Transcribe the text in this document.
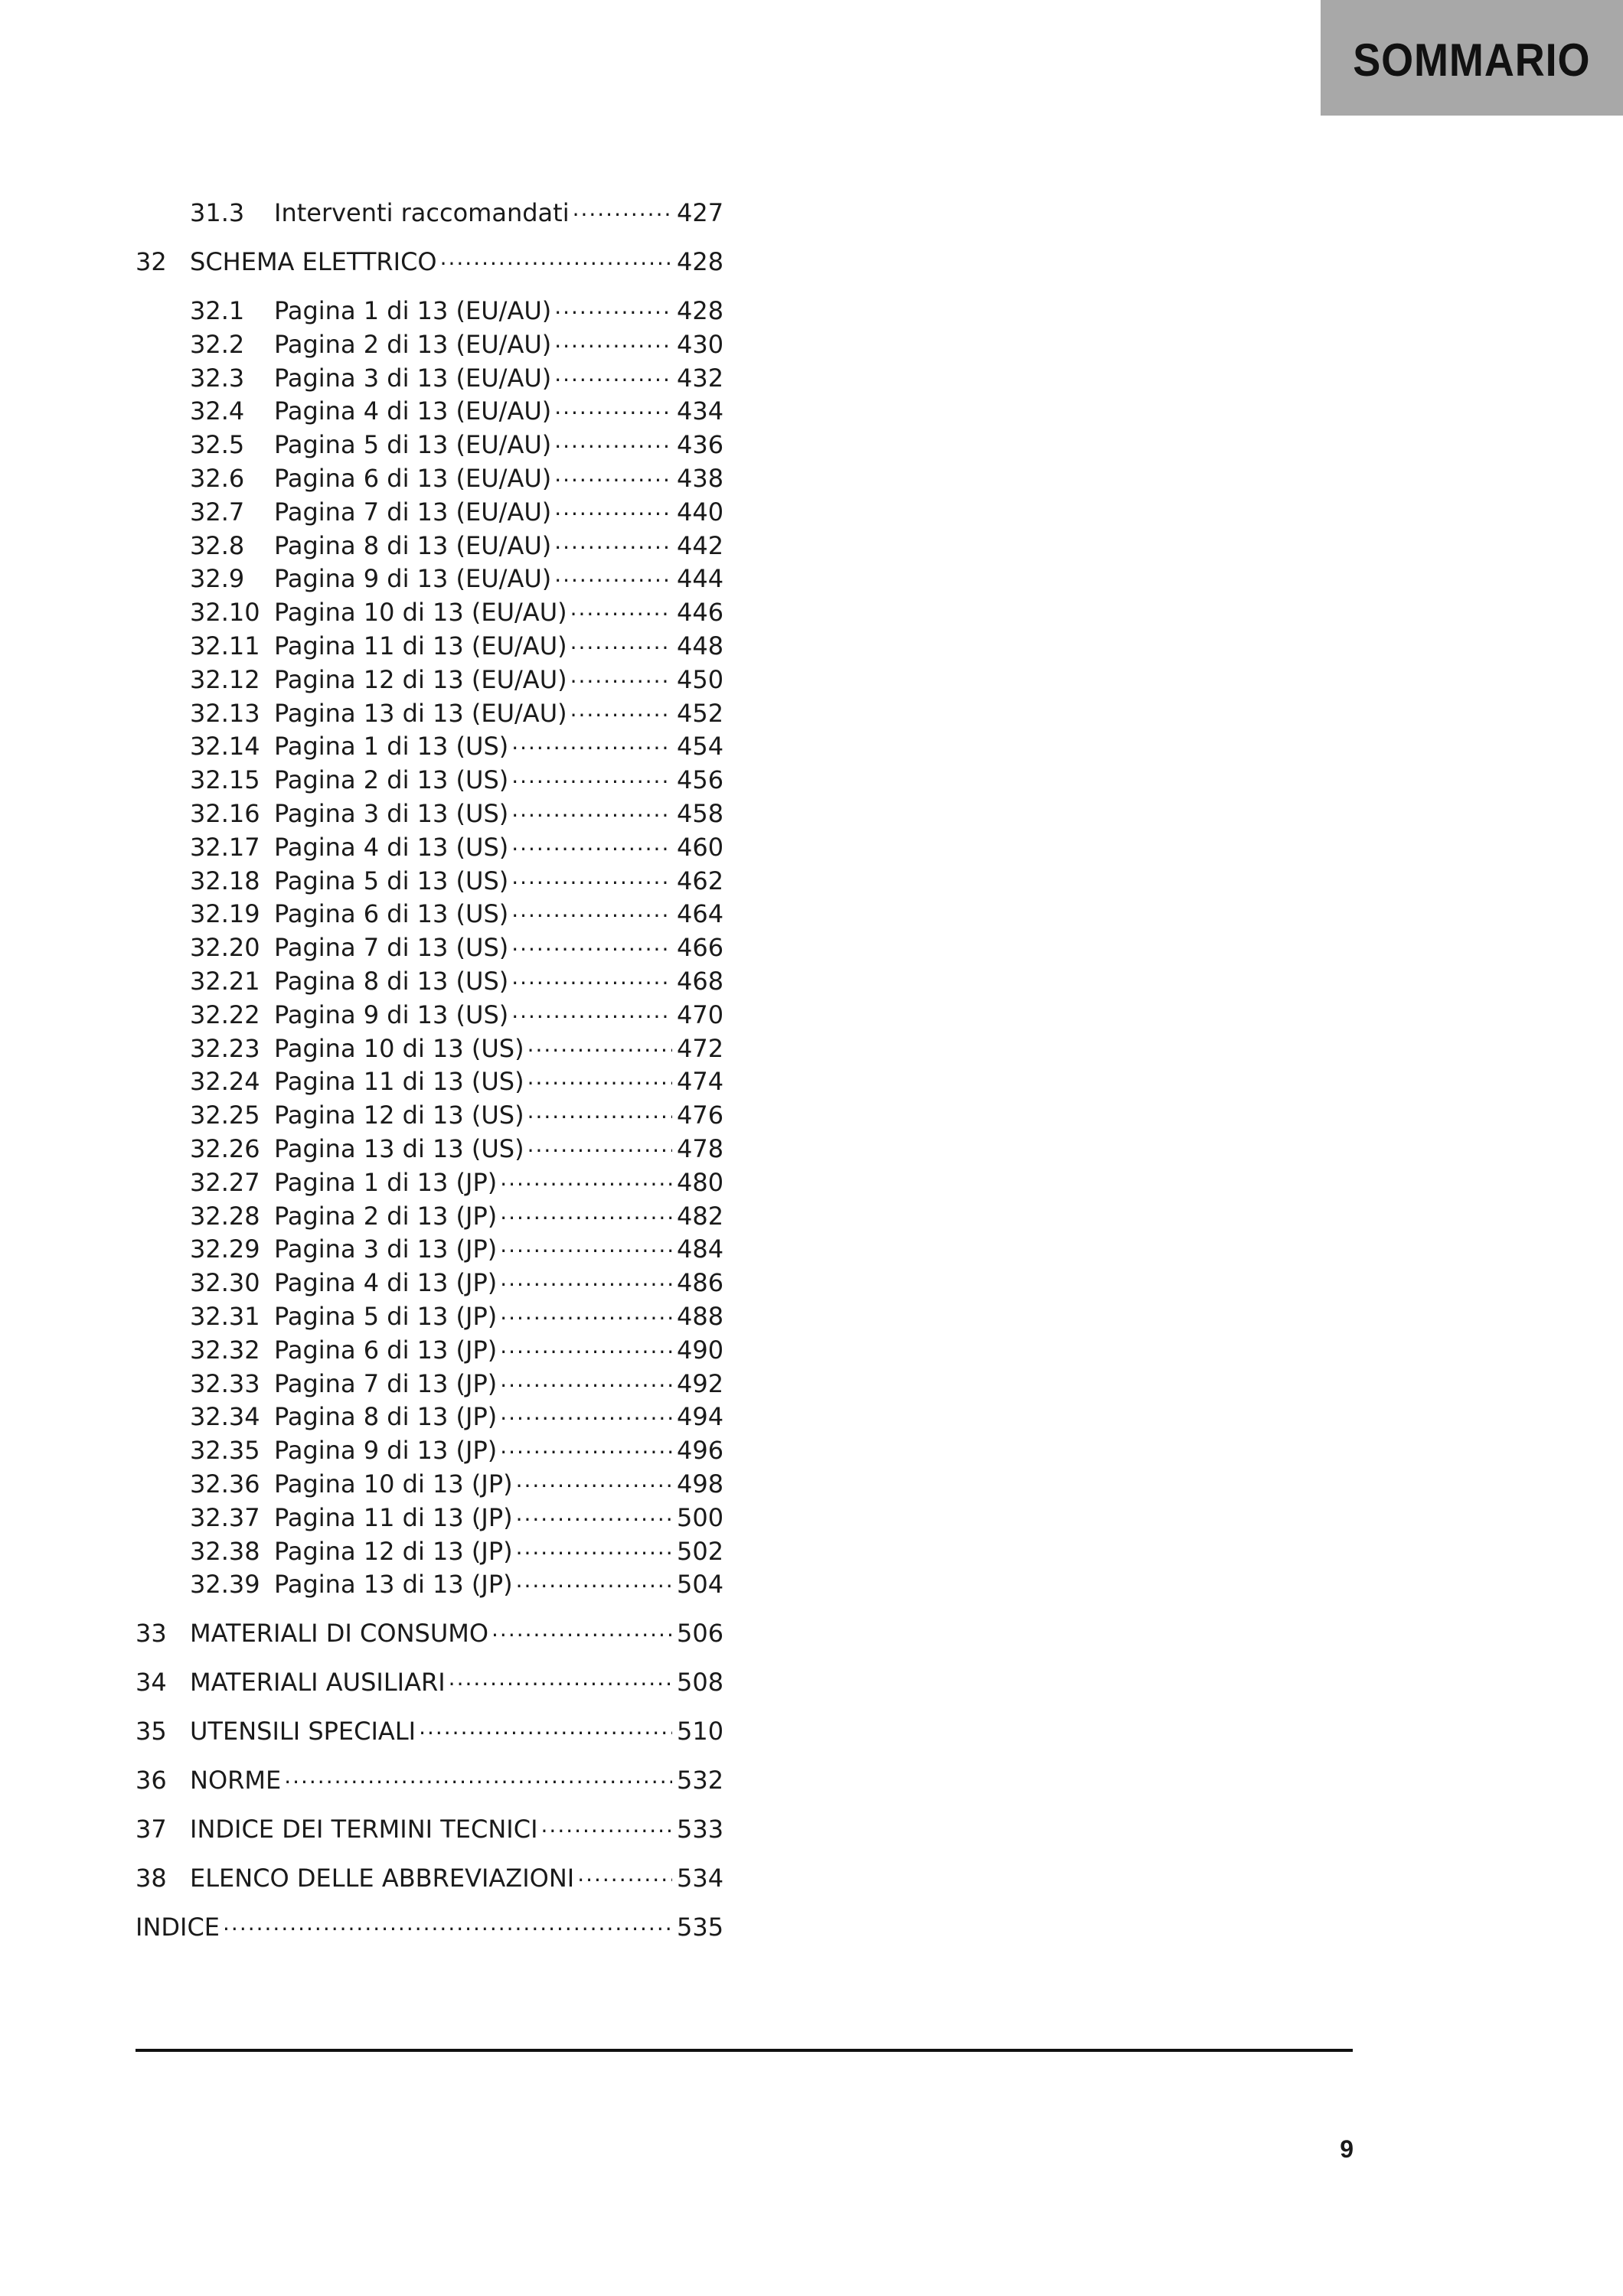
SOMMARIO
31.3	Interventi raccomandati .....	427
32 SCHEMA ELETTRICO .....	428
32.1	Pagina 1 di 13 (EU/AU) .....	428
32.2	Pagina 2 di 13 (EU/AU) .....	430
32.3	Pagina 3 di 13 (EU/AU) .....	432
32.4	Pagina 4 di 13 (EU/AU) .....	434
32.5	Pagina 5 di 13 (EU/AU) .....	436
32.6	Pagina 6 di 13 (EU/AU) .....	438
32.7	Pagina 7 di 13 (EU/AU) .....	440
32.8	Pagina 8 di 13 (EU/AU) .....	442
32.9	Pagina 9 di 13 (EU/AU) .....	444
32.10 Pagina 10 di 13 (EU/AU) .....	446
32.11 Pagina 11 di 13 (EU/AU) .....	448
32.12 Pagina 12 di 13 (EU/AU) .....	450
32.13 Pagina 13 di 13 (EU/AU) .....	452
32.14 Pagina 1 di 13 (US) .....	454
32.15 Pagina 2 di 13 (US) .....	456
32.16 Pagina 3 di 13 (US) .....	458
32.17 Pagina 4 di 13 (US) .....	460
32.18 Pagina 5 di 13 (US) .....	462
32.19 Pagina 6 di 13 (US) .....	464
32.20 Pagina 7 di 13 (US) .....	466
32.21 Pagina 8 di 13 (US) .....	468
32.22 Pagina 9 di 13 (US) .....	470
32.23 Pagina 10 di 13 (US) .....	472
32.24 Pagina 11 di 13 (US) .....	474
32.25 Pagina 12 di 13 (US) .....	476
32.26 Pagina 13 di 13 (US) .....	478
32.27 Pagina 1 di 13 (JP) .....	480
32.28 Pagina 2 di 13 (JP) .....	482
32.29 Pagina 3 di 13 (JP) .....	484
32.30 Pagina 4 di 13 (JP) .....	486
32.31 Pagina 5 di 13 (JP) .....	488
32.32 Pagina 6 di 13 (JP) .....	490
32.33 Pagina 7 di 13 (JP) .....	492
32.34 Pagina 8 di 13 (JP) .....	494
32.35 Pagina 9 di 13 (JP) .....	496
32.36 Pagina 10 di 13 (JP) .....	498
32.37 Pagina 11 di 13 (JP) .....	500
32.38 Pagina 12 di 13 (JP) .....	502
32.39 Pagina 13 di 13 (JP) .....	504
33 MATERIALI DI CONSUMO .....	506
34 MATERIALI AUSILIARI .....	508
35 UTENSILI SPECIALI .....	510
36 NORME .....	532
37 INDICE DEI TERMINI TECNICI .....	533
38 ELENCO DELLE ABBREVIAZIONI .....	534
INDICE .....	535
9
